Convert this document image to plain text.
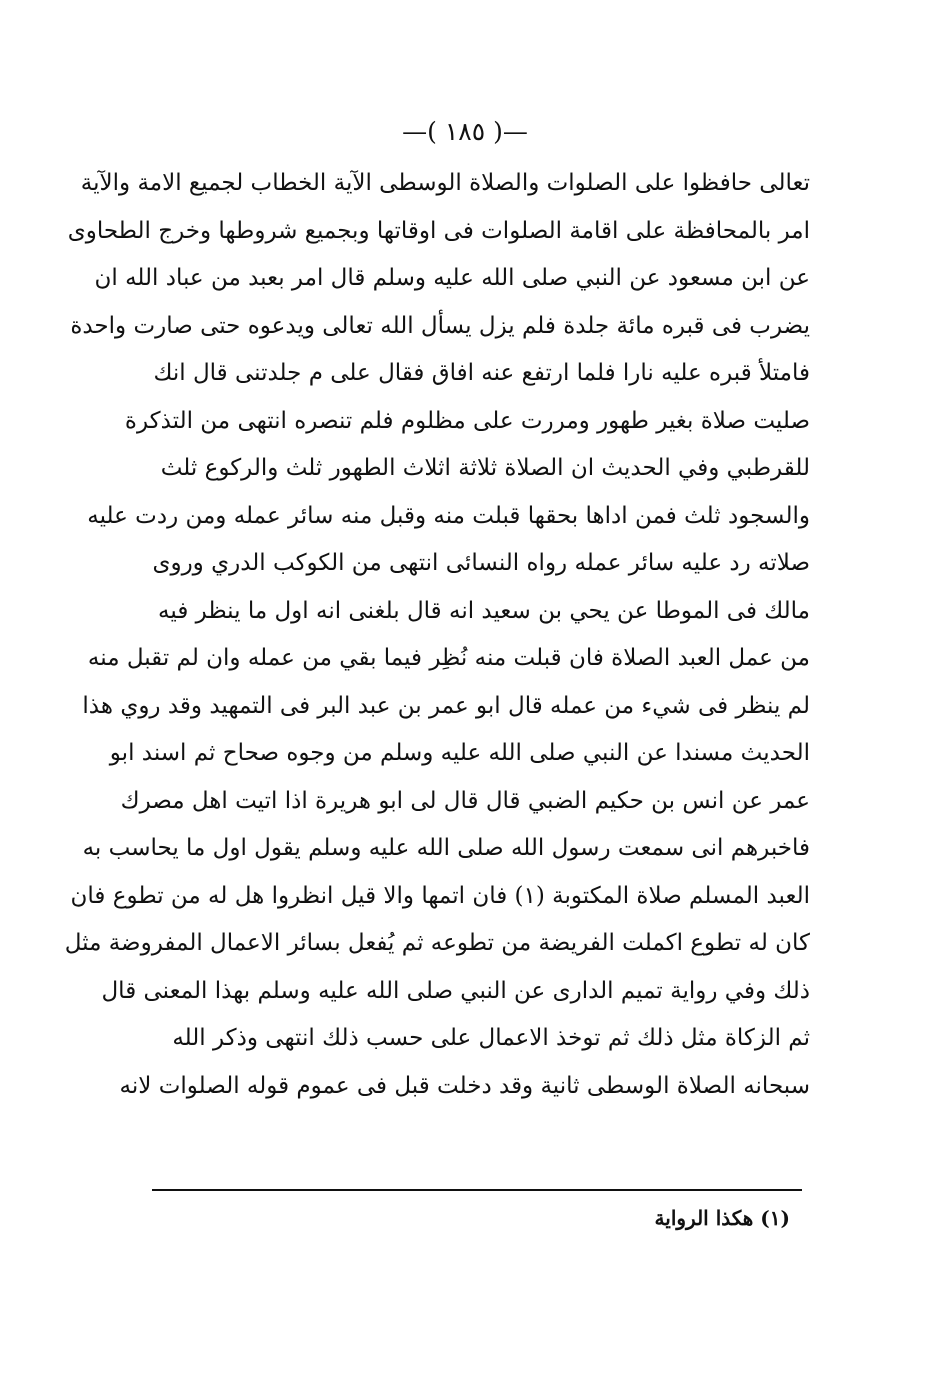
—( ١٨٥ )—
تعالى حافظوا على الصلوات والصلاة الوسطى الآية الخطاب لجميع الامة والآية
امر بالمحافظة على اقامة الصلوات فى اوقاتها وبجميع شروطها وخرج الطحاوى
عن ابن مسعود عن النبي صلى الله عليه وسلم قال امر بعبد من عباد الله ان
يضرب فى قبره مائة جلدة فلم يزل يسأل الله تعالى ويدعوه حتى صارت واحدة
فامتلأ قبره عليه نارا فلما ارتفع عنه افاق فقال على م جلدتنى قال انك
صليت صلاة بغير طهور ومررت على مظلوم فلم تنصره انتهى من التذكرة
للقرطبي وفي الحديث ان الصلاة ثلاثة اثلاث الطهور ثلث والركوع ثلث
والسجود ثلث فمن اداها بحقها قبلت منه وقبل منه سائر عمله ومن ردت عليه
صلاته رد عليه سائر عمله رواه النسائى انتهى من الكوكب الدري وروى
مالك فى الموطا عن يحي بن سعيد انه قال بلغنى انه اول ما ينظر فيه
من عمل العبد الصلاة فان قبلت منه نُظِر فيما بقي من عمله وان لم تقبل منه
لم ينظر فى شيء من عمله قال ابو عمر بن عبد البر فى التمهيد وقد روي هذا
الحديث مسندا عن النبي صلى الله عليه وسلم من وجوه صحاح ثم اسند ابو
عمر عن انس بن حكيم الضبي قال قال لى ابو هريرة اذا اتيت اهل مصرك
فاخبرهم انى سمعت رسول الله صلى الله عليه وسلم يقول اول ما يحاسب به
العبد المسلم صلاة المكتوبة (١) فان اتمها والا قيل انظروا هل له من تطوع فان
كان له تطوع اكملت الفريضة من تطوعه ثم يُفعل بسائر الاعمال المفروضة مثل
ذلك وفي رواية تميم الدارى عن النبي صلى الله عليه وسلم بهذا المعنى قال
ثم الزكاة مثل ذلك ثم توخذ الاعمال على حسب ذلك انتهى وذكر الله
سبحانه الصلاة الوسطى ثانية وقد دخلت قبل فى عموم قوله الصلوات لانه
(١) هكذا الرواية
